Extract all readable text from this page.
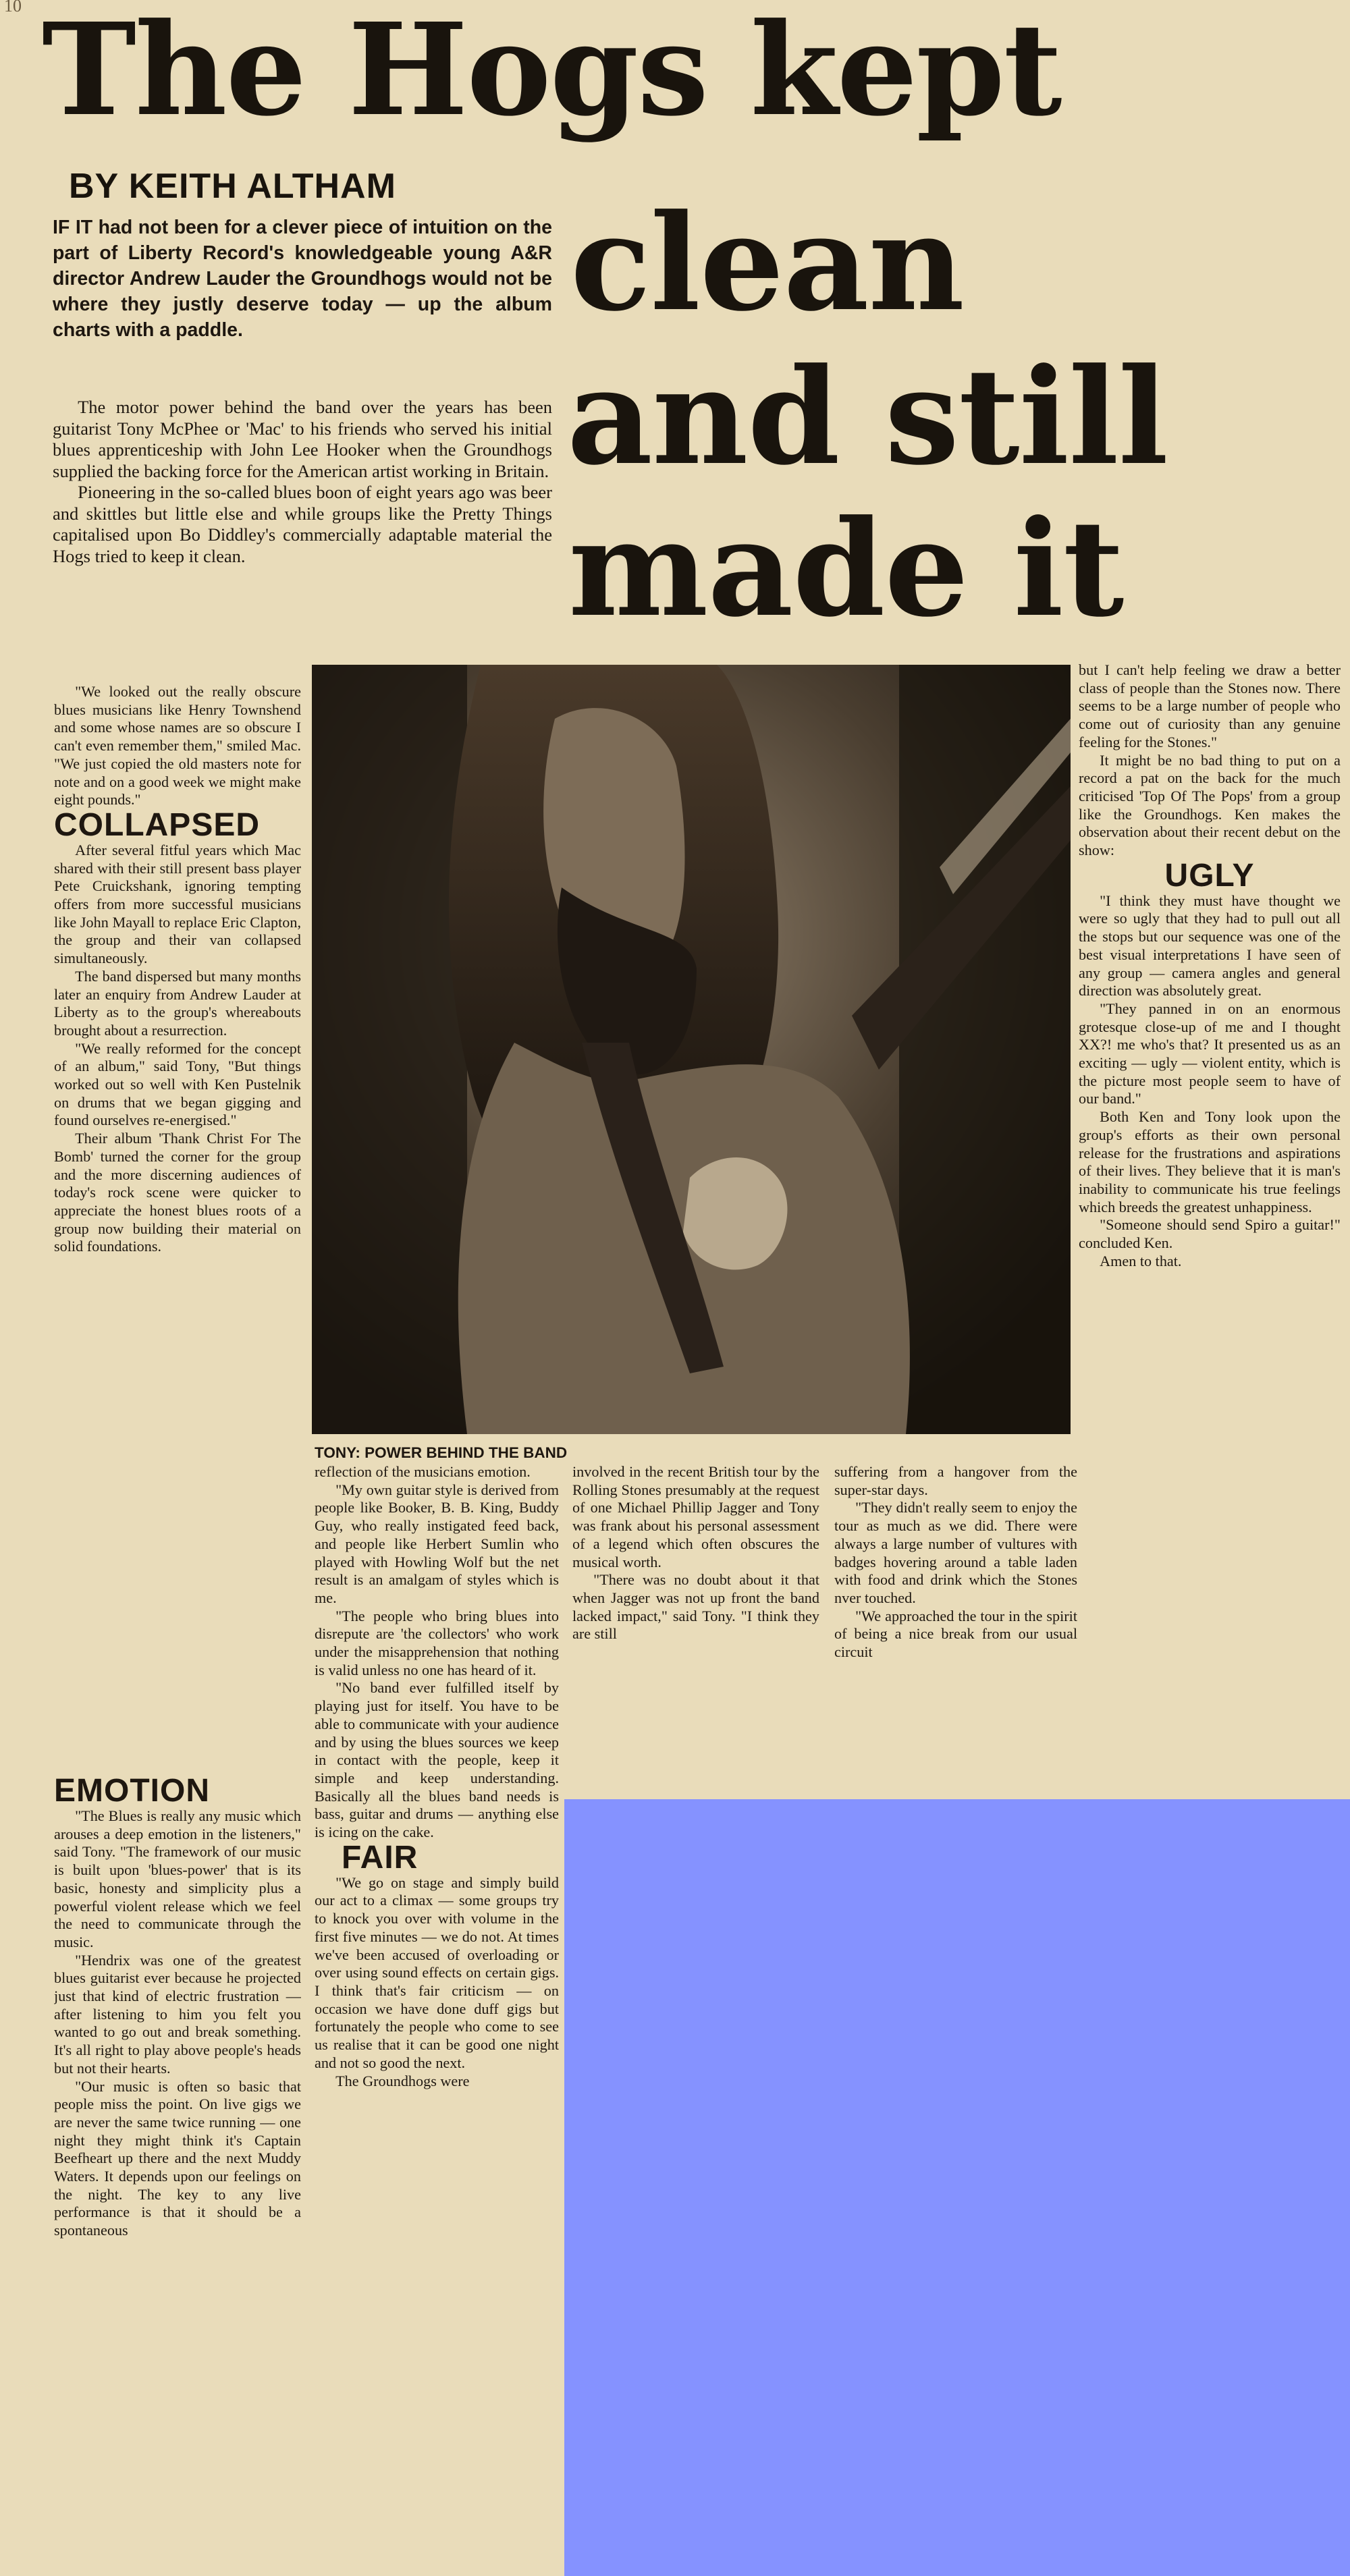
10 The Hogs kept
clean
and still
made it
BY KEITH ALTHAM
IF IT had not been for a clever piece of intuition on the part of Liberty Record's knowledgeable young A&R director Andrew Lauder the Groundhogs would not be where they justly deserve today — up the album charts with a paddle.

The motor power behind the band over the years has been guitarist Tony McPhee or 'Mac' to his friends who served his initial blues apprenticeship with John Lee Hooker when the Groundhogs supplied the backing force for the American artist working in Britain.

Pioneering in the so-called blues boon of eight years ago was beer and skittles but little else and while groups like the Pretty Things capitalised upon Bo Diddley's commercially adaptable material the Hogs tried to keep it clean.

"We looked out the really obscure blues musicians like Henry Townshend and some whose names are so obscure I can't even remember them," smiled Mac. "We just copied the old masters note for note and on a good week we might make eight pounds."

COLLAPSED

After several fitful years which Mac shared with their still present bass player Pete Cruickshank, ignoring tempting offers from more successful musicians like John Mayall to replace Eric Clapton, the group and their van collapsed simultaneously.

The band dispersed but many months later an enquiry from Andrew Lauder at Liberty as to the group's whereabouts brought about a resurrection.

"We really reformed for the concept of an album," said Tony, "But things worked out so well with Ken Pustelnik on drums that we began gigging and found ourselves re-energised."

Their album 'Thank Christ For The Bomb' turned the corner for the group and the more discerning audiences of today's rock scene were quicker to appreciate the honest blues roots of a group now building their material on solid foundations.

EMOTION

"The Blues is really any music which arouses a deep emotion in the listeners," said Tony. "The framework of our music is built upon 'blues-power' that is its basic, honesty and simplicity plus a powerful violent release which we feel the need to communicate through the music.

"Hendrix was one of the greatest blues guitarist ever because he projected just that kind of electric frustration — after listening to him you felt you wanted to go out and break something. It's all right to play above people's heads but not their hearts.

"Our music is often so basic that people miss the point. On live gigs we are never the same twice running — one night they might think it's Captain Beefheart up there and the next Muddy Waters. It depends upon our feelings on the night. The key to any live performance is that it should be a spontaneous

TONY: POWER BEHIND THE BAND

reflection of the musicians emotion.

"My own guitar style is derived from people like Booker, B. B. King, Buddy Guy, who really instigated feed back, and people like Herbert Sumlin who played with Howling Wolf but the net result is an amalgam of styles which is me.

"The people who bring blues into disrepute are 'the collectors' who work under the misapprehension that nothing is valid unless no one has heard of it.

"No band ever fulfilled itself by playing just for itself. You have to be able to communicate with your audience and by using the blues sources we keep in contact with the people, keep it simple and keep understanding. Basically all the blues band needs is bass, guitar and drums — anything else is icing on the cake.

FAIR

"We go on stage and simply build our act to a climax — some groups try to knock you over with volume in the first five minutes — we do not. At times we've been accused of overloading or over using sound effects on certain gigs. I think that's fair criticism — on occasion we have done duff gigs but fortunately the people who come to see us realise that it can be good one night and not so good the next.

The Groundhogs were

involved in the recent British tour by the Rolling Stones presumably at the request of one Michael Phillip Jagger and Tony was frank about his personal assessment of a legend which often obscures the musical worth.

"There was no doubt about it that when Jagger was not up front the band lacked impact," said Tony. "I think they are still

suffering from a hangover from the super-star days.

"They didn't really seem to enjoy the tour as much as we did. There were always a large number of vultures with badges hovering around a table laden with food and drink which the Stones nver touched.

"We approached the tour in the spirit of being a nice break from our usual circuit

but I can't help feeling we draw a better class of people than the Stones now. There seems to be a large number of people who come out of curiosity than any genuine feeling for the Stones."

It might be no bad thing to put on a record a pat on the back for the much criticised 'Top Of The Pops' from a group like the Groundhogs. Ken makes the observation about their recent debut on the show:

UGLY

"I think they must have thought we were so ugly that they had to pull out all the stops but our sequence was one of the best visual interpretations I have seen of any group — camera angles and general direction was absolutely great.

"They panned in on an enormous grotesque close-up of me and I thought XX?! me who's that? It presented us as an exciting — ugly — violent entity, which is the picture most people seem to have of our band."

Both Ken and Tony look upon the group's efforts as their own personal release for the frustrations and aspirations of their lives. They believe that it is man's inability to communicate his true feelings which breeds the greatest unhappiness.

"Someone should send Spiro a guitar!" concluded Ken.

Amen to that.
